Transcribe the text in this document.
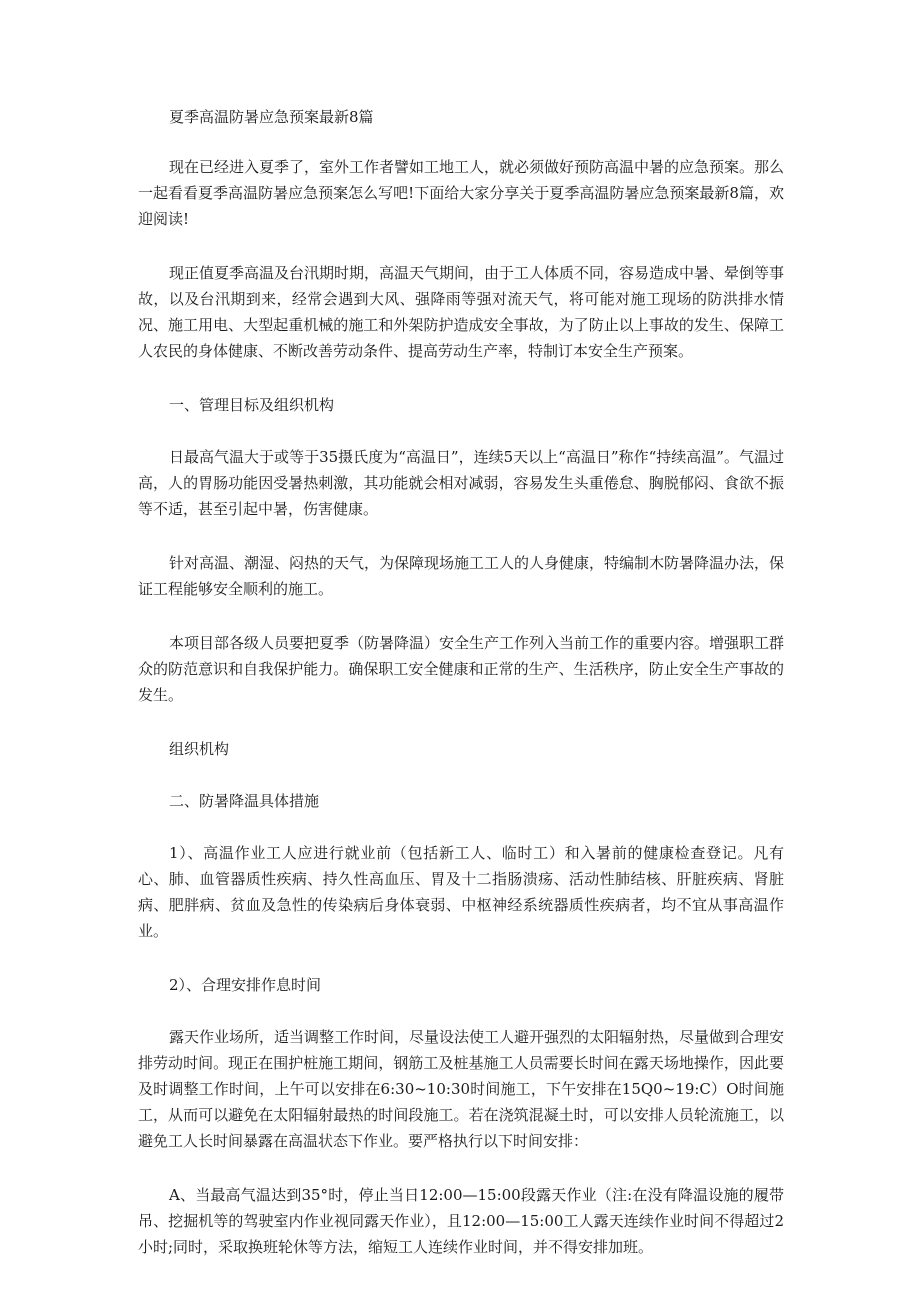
夏季高温防暑应急预案最新8篇

现在已经进入夏季了，室外工作者譬如工地工人，就必须做好预防高温中暑的应急预案。那么一起看看夏季高温防暑应急预案怎么写吧!下面给大家分享关于夏季高温防暑应急预案最新8篇，欢迎阅读!

现正值夏季高温及台汛期时期，高温天气期间，由于工人体质不同，容易造成中暑、晕倒等事故，以及台汛期到来，经常会遇到大风、强降雨等强对流天气，将可能对施工现场的防洪排水情况、施工用电、大型起重机械的施工和外架防护造成安全事故，为了防止以上事故的发生、保障工人农民的身体健康、不断改善劳动条件、提高劳动生产率，特制订本安全生产预案。

一、管理目标及组织机构

日最高气温大于或等于35摄氏度为“高温日”，连续5天以上“高温日”称作“持续高温”。气温过高，人的胃肠功能因受暑热刺激，其功能就会相对减弱，容易发生头重倦怠、胸脱郁闷、食欲不振等不适，甚至引起中暑，伤害健康。

针对高温、潮湿、闷热的天气，为保障现场施工工人的人身健康，特编制木防暑降温办法，保证工程能够安全顺利的施工。

本项目部各级人员要把夏季（防暑降温）安全生产工作列入当前工作的重要内容。增强职工群众的防范意识和自我保护能力。确保职工安全健康和正常的生产、生活秩序，防止安全生产事故的发生。

组织机构

二、防暑降温具体措施

1）、高温作业工人应进行就业前（包括新工人、临时工）和入暑前的健康检查登记。凡有心、肺、血管器质性疾病、持久性高血压、胃及十二指肠溃疡、活动性肺结核、肝脏疾病、肾脏病、肥胖病、贫血及急性的传染病后身体衰弱、中枢神经系统器质性疾病者，均不宜从事高温作业。

2）、合理安排作息时间

露天作业场所，适当调整工作时间，尽量设法使工人避开强烈的太阳辐射热，尽量做到合理安排劳动时间。现正在围护桩施工期间，钢筋工及桩基施工人员需要长时间在露天场地操作，因此要及时调整工作时间，上午可以安排在6:30~10:30时间施工，下午安排在15Q0~19:C）O时间施工，从而可以避免在太阳辐射最热的时间段施工。若在浇筑混凝土时，可以安排人员轮流施工，以避免工人长时间暴露在高温状态下作业。要严格执行以下时间安排：

A、当最高气温达到35°时，停止当日12:00—15:00段露天作业（注:在没有降温设施的履带吊、挖掘机等的驾驶室内作业视同露天作业），且12:00—15:00工人露天连续作业时间不得超过2小时;同时，采取换班轮休等方法，缩短工人连续作业时间，并不得安排加班。
